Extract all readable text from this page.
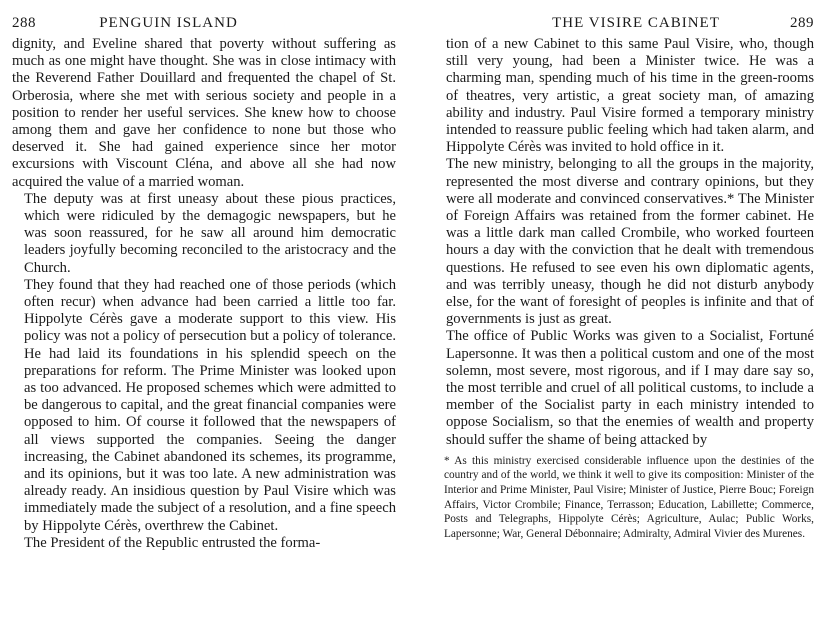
288	PENGUIN ISLAND

dignity, and Eveline shared that poverty without suffering as much as one might have thought. She was in close intimacy with the Reverend Father Douillard and frequented the chapel of St. Orberosia, where she met with serious society and people in a position to render her useful services. She knew how to choose among them and gave her confidence to none but those who deserved it. She had gained experience since her motor excursions with Viscount Cléna, and above all she had now acquired the value of a married woman.

The deputy was at first uneasy about these pious practices, which were ridiculed by the demagogic newspapers, but he was soon reassured, for he saw all around him democratic leaders joyfully becoming reconciled to the aristocracy and the Church.

They found that they had reached one of those periods (which often recur) when advance had been carried a little too far. Hippolyte Cérès gave a moderate support to this view. His policy was not a policy of persecution but a policy of tolerance. He had laid its foundations in his splendid speech on the preparations for reform. The Prime Minister was looked upon as too advanced. He proposed schemes which were admitted to be dangerous to capital, and the great financial companies were opposed to him. Of course it followed that the newspapers of all views supported the companies. Seeing the danger increasing, the Cabinet abandoned its schemes, its programme, and its opinions, but it was too late. A new administration was already ready. An insidious question by Paul Visire which was immediately made the subject of a resolution, and a fine speech by Hippolyte Cérès, overthrew the Cabinet.

The President of the Republic entrusted the forma-

THE VISIRE CABINET	289

tion of a new Cabinet to this same Paul Visire, who, though still very young, had been a Minister twice. He was a charming man, spending much of his time in the green-rooms of theatres, very artistic, a great society man, of amazing ability and industry. Paul Visire formed a temporary ministry intended to reassure public feeling which had taken alarm, and Hippolyte Cérès was invited to hold office in it.

The new ministry, belonging to all the groups in the majority, represented the most diverse and contrary opinions, but they were all moderate and convinced conservatives.* The Minister of Foreign Affairs was retained from the former cabinet. He was a little dark man called Crombile, who worked fourteen hours a day with the conviction that he dealt with tremendous questions. He refused to see even his own diplomatic agents, and was terribly uneasy, though he did not disturb anybody else, for the want of foresight of peoples is infinite and that of governments is just as great.

The office of Public Works was given to a Socialist, Fortuné Lapersonne. It was then a political custom and one of the most solemn, most severe, most rigorous, and if I may dare say so, the most terrible and cruel of all political customs, to include a member of the Socialist party in each ministry intended to oppose Socialism, so that the enemies of wealth and property should suffer the shame of being attacked by

* As this ministry exercised considerable influence upon the destinies of the country and of the world, we think it well to give its composition: Minister of the Interior and Prime Minister, Paul Visire; Minister of Justice, Pierre Bouc; Foreign Affairs, Victor Crombile; Finance, Terrasson; Education, Labillette; Commerce, Posts and Telegraphs, Hippolyte Cérès; Agriculture, Aulac; Public Works, Lapersonne; War, General Débonnaire; Admiralty, Admiral Vivier des Murenes.
